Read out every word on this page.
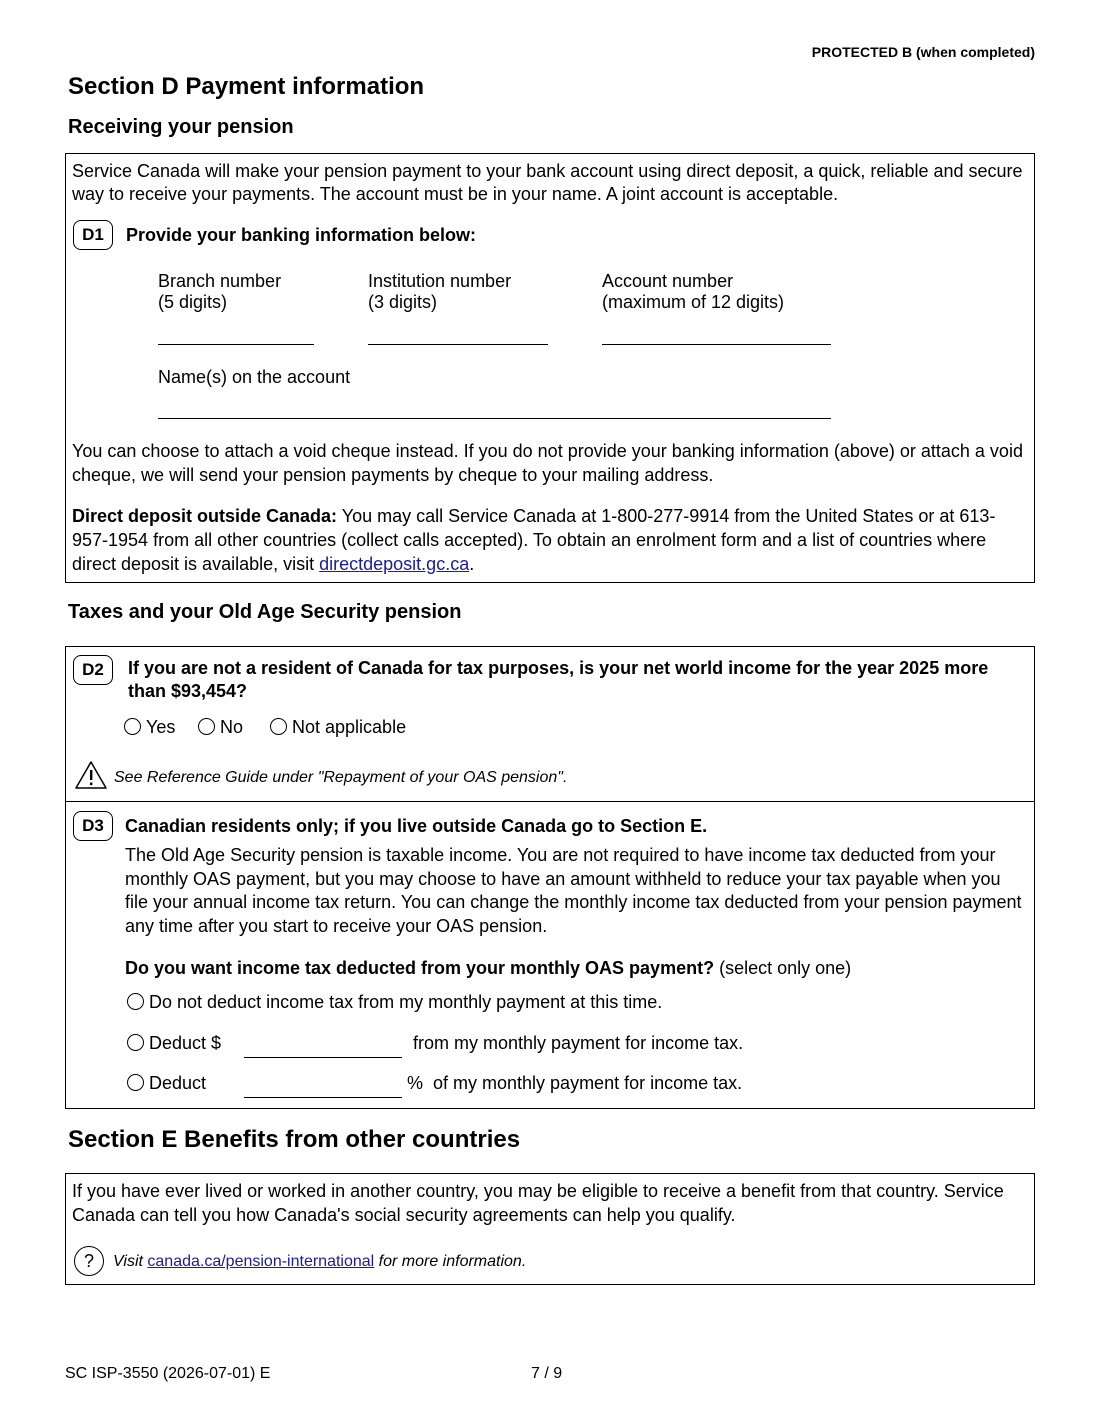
PROTECTED B (when completed)
Section D Payment information
Receiving your pension
Service Canada will make your pension payment to your bank account using direct deposit, a quick, reliable and secure way to receive your payments. The account must be in your name. A joint account is acceptable.
D1	Provide your banking information below:
Branch number
(5 digits)
Institution number
(3 digits)
Account number
(maximum of 12 digits)
Name(s) on the account
You can choose to attach a void cheque instead. If you do not provide your banking information (above) or attach a void cheque, we will send your pension payments by cheque to your mailing address.
Direct deposit outside Canada: You may call Service Canada at 1-800-277-9914 from the United States or at 613-957-1954 from all other countries (collect calls accepted). To obtain an enrolment form and a list of countries where direct deposit is available, visit directdeposit.gc.ca.
Taxes and your Old Age Security pension
D2	If you are not a resident of Canada for tax purposes, is your net world income for the year 2025 more than $93,454?
Yes	No	Not applicable
See Reference Guide under "Repayment of your OAS pension".
D3	Canadian residents only; if you live outside Canada go to Section E.
The Old Age Security pension is taxable income. You are not required to have income tax deducted from your monthly OAS payment, but you may choose to have an amount withheld to reduce your tax payable when you file your annual income tax return. You can change the monthly income tax deducted from your pension payment any time after you start to receive your OAS pension.
Do you want income tax deducted from your monthly OAS payment? (select only one)
Do not deduct income tax from my monthly payment at this time.
Deduct $	from my monthly payment for income tax.
Deduct	%  of my monthly payment for income tax.
Section E Benefits from other countries
If you have ever lived or worked in another country, you may be eligible to receive a benefit from that country. Service Canada can tell you how Canada's social security agreements can help you qualify.
?	Visit canada.ca/pension-international for more information.
SC ISP-3550 (2026-07-01) E	7 / 9
